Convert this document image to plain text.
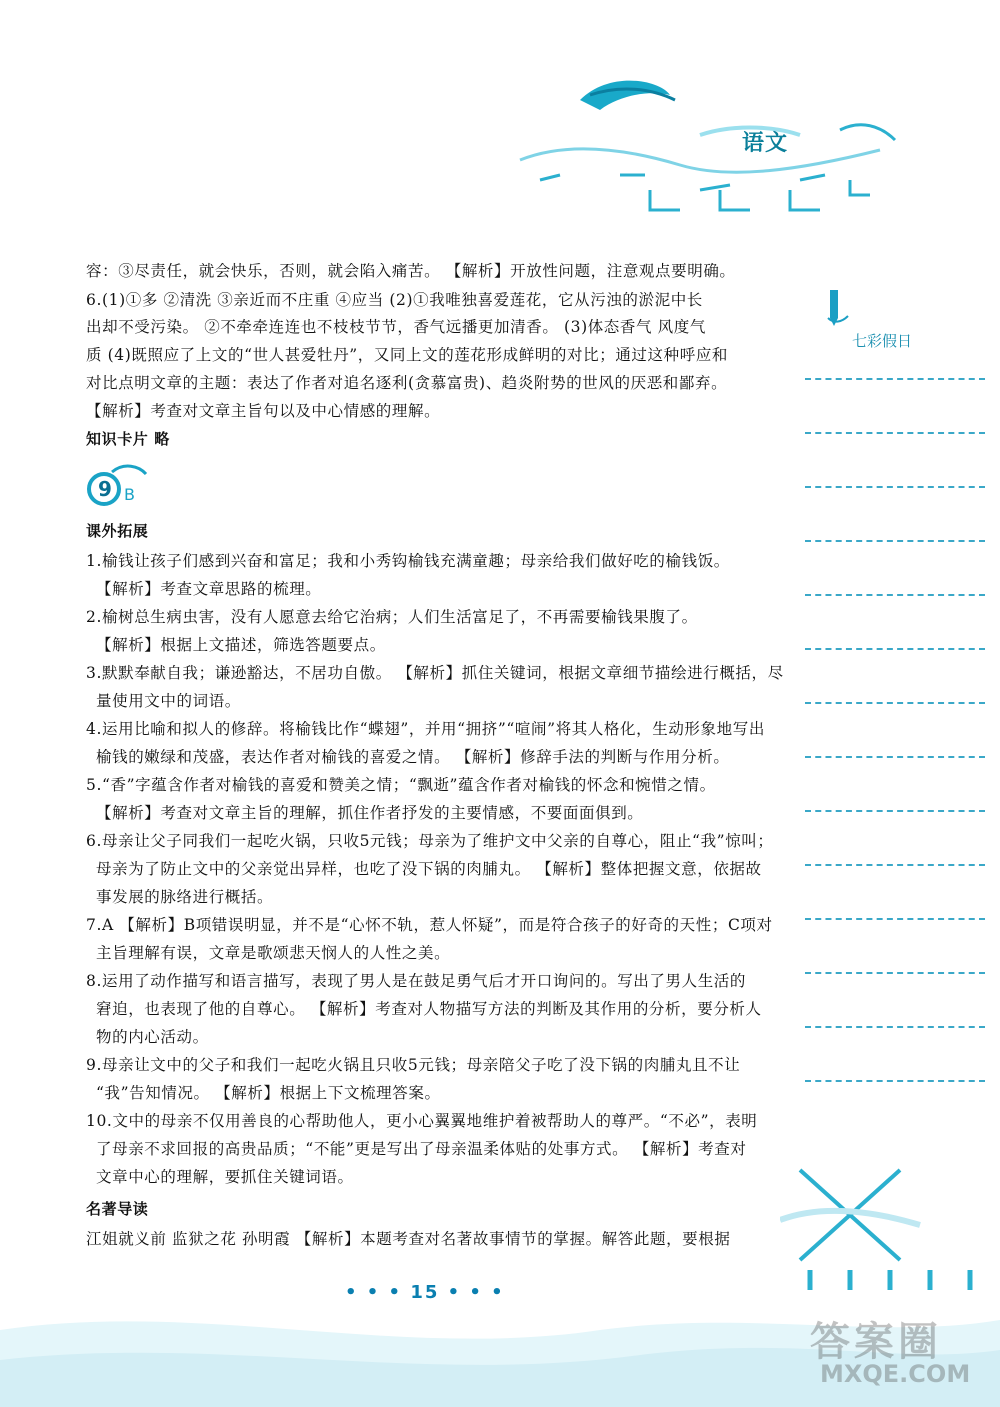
语文
七彩假日
9 B
容：③尽责任，就会快乐，否则，就会陷入痛苦。 【解析】开放性问题，注意观点要明确。
6.(1)①多 ②清洗 ③亲近而不庄重 ④应当 (2)①我唯独喜爱莲花，它从污浊的淤泥中长
出却不受污染。 ②不牵牵连连也不枝枝节节，香气远播更加清香。 (3)体态香气 风度气
质 (4)既照应了上文的“世人甚爱牡丹”，又同上文的莲花形成鲜明的对比；通过这种呼应和
对比点明文章的主题：表达了作者对追名逐利(贪慕富贵)、趋炎附势的世风的厌恶和鄙弃。
【解析】考查对文章主旨句以及中心情感的理解。
知识卡片 略
课外拓展
1.榆钱让孩子们感到兴奋和富足；我和小秀钩榆钱充满童趣；母亲给我们做好吃的榆钱饭。
【解析】考查文章思路的梳理。
2.榆树总生病虫害，没有人愿意去给它治病；人们生活富足了，不再需要榆钱果腹了。
【解析】根据上文描述，筛选答题要点。
3.默默奉献自我；谦逊豁达，不居功自傲。 【解析】抓住关键词，根据文章细节描绘进行概括，尽
量使用文中的词语。
4.运用比喻和拟人的修辞。将榆钱比作“蝶翅”，并用“拥挤”“喧闹”将其人格化，生动形象地写出
榆钱的嫩绿和茂盛，表达作者对榆钱的喜爱之情。 【解析】修辞手法的判断与作用分析。
5.“香”字蕴含作者对榆钱的喜爱和赞美之情；“飘逝”蕴含作者对榆钱的怀念和惋惜之情。
【解析】考查对文章主旨的理解，抓住作者抒发的主要情感，不要面面俱到。
6.母亲让父子同我们一起吃火锅，只收5元钱；母亲为了维护文中父亲的自尊心，阻止“我”惊叫；
母亲为了防止文中的父亲觉出异样，也吃了没下锅的肉脯丸。 【解析】整体把握文意，依据故
事发展的脉络进行概括。
7.A 【解析】B项错误明显，并不是“心怀不轨，惹人怀疑”，而是符合孩子的好奇的天性；C项对
主旨理解有误，文章是歌颂悲天悯人的人性之美。
8.运用了动作描写和语言描写，表现了男人是在鼓足勇气后才开口询问的。写出了男人生活的
窘迫，也表现了他的自尊心。 【解析】考查对人物描写方法的判断及其作用的分析，要分析人
物的内心活动。
9.母亲让文中的父子和我们一起吃火锅且只收5元钱；母亲陪父子吃了没下锅的肉脯丸且不让
“我”告知情况。 【解析】根据上下文梳理答案。
10.文中的母亲不仅用善良的心帮助他人，更小心翼翼地维护着被帮助人的尊严。“不必”，表明
了母亲不求回报的高贵品质；“不能”更是写出了母亲温柔体贴的处事方式。 【解析】考查对
文章中心的理解，要抓住关键词语。
名著导读
江姐就义前 监狱之花 孙明霞 【解析】本题考查对名著故事情节的掌握。解答此题，要根据
• • • 15 • • •
答案圈
MXQE.COM
